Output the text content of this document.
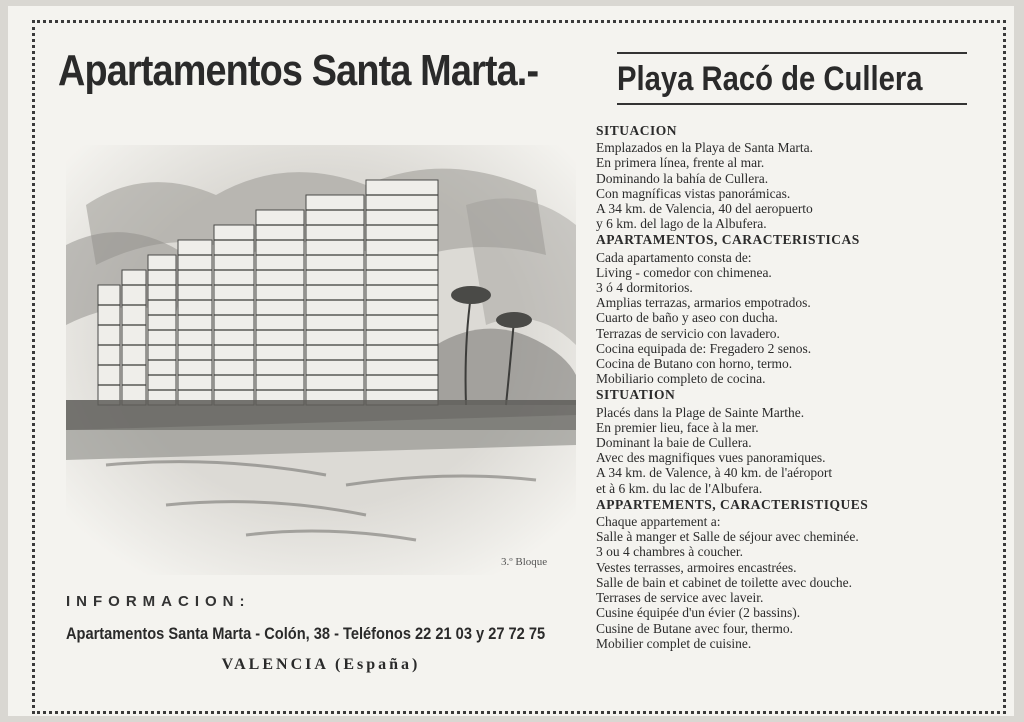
Apartamentos Santa Marta.- Playa Racó de Cullera
3.º Bloque
INFORMACION:
Apartamentos Santa Marta - Colón, 38 - Teléfonos 22 21 03 y 27 72 75
VALENCIA (España)
SITUACION
Emplazados en la Playa de Santa Marta.
En primera línea, frente al mar.
Dominando la bahía de Cullera.
Con magníficas vistas panorámicas.
A 34 km. de Valencia, 40 del aeropuerto
y 6 km. del lago de la Albufera.
APARTAMENTOS, CARACTERISTICAS
Cada apartamento consta de:
Living - comedor con chimenea.
3 ó 4 dormitorios.
Amplias terrazas, armarios empotrados.
Cuarto de baño y aseo con ducha.
Terrazas de servicio con lavadero.
Cocina equipada de: Fregadero 2 senos.
Cocina de Butano con horno, termo.
Mobiliario completo de cocina.
SITUATION
Placés dans la Plage de Sainte Marthe.
En premier lieu, face à la mer.
Dominant la baie de Cullera.
Avec des magnifiques vues panoramiques.
A 34 km. de Valence, à 40 km. de l'aéroport
et à 6 km. du lac de l'Albufera.
APPARTEMENTS, CARACTERISTIQUES
Chaque appartement a:
Salle à manger et Salle de séjour avec cheminée.
3 ou 4 chambres à coucher.
Vestes terrasses, armoires encastrées.
Salle de bain et cabinet de toilette avec douche.
Terrases de service avec laveir.
Cusine équipée d'un évier (2 bassins).
Cusine de Butane avec four, thermo.
Mobilier complet de cuisine.
